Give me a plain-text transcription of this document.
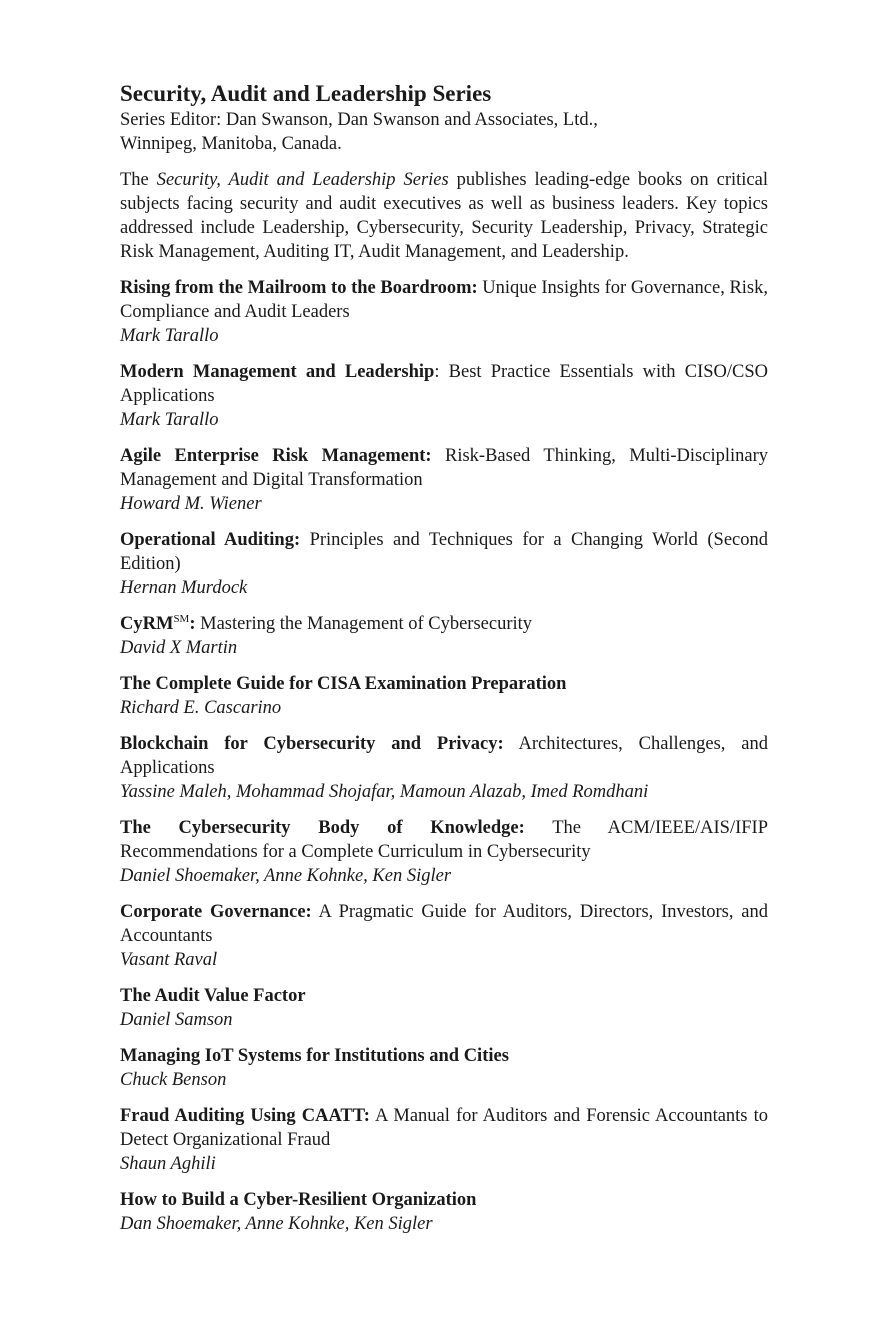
Security, Audit and Leadership Series
Series Editor: Dan Swanson, Dan Swanson and Associates, Ltd.,
Winnipeg, Manitoba, Canada.

The Security, Audit and Leadership Series publishes leading-edge books on critical subjects facing security and audit executives as well as business leaders. Key topics addressed include Leadership, Cybersecurity, Security Leadership, Privacy, Strategic Risk Management, Auditing IT, Audit Management, and Leadership.

Rising from the Mailroom to the Boardroom: Unique Insights for Governance, Risk, Compliance and Audit Leaders
Mark Tarallo
Modern Management and Leadership: Best Practice Essentials with CISO/CSO Applications
Mark Tarallo
Agile Enterprise Risk Management: Risk-Based Thinking, Multi-Disciplinary Management and Digital Transformation
Howard M. Wiener
Operational Auditing: Principles and Techniques for a Changing World (Second Edition)
Hernan Murdock
CyRM℠: Mastering the Management of Cybersecurity
David X Martin
The Complete Guide for CISA Examination Preparation
Richard E. Cascarino
Blockchain for Cybersecurity and Privacy: Architectures, Challenges, and Applications
Yassine Maleh, Mohammad Shojafar, Mamoun Alazab, Imed Romdhani
The Cybersecurity Body of Knowledge: The ACM/IEEE/AIS/IFIP Recommendations for a Complete Curriculum in Cybersecurity
Daniel Shoemaker, Anne Kohnke, Ken Sigler
Corporate Governance: A Pragmatic Guide for Auditors, Directors, Investors, and Accountants
Vasant Raval
The Audit Value Factor
Daniel Samson
Managing IoT Systems for Institutions and Cities
Chuck Benson
Fraud Auditing Using CAATT: A Manual for Auditors and Forensic Accountants to Detect Organizational Fraud
Shaun Aghili
How to Build a Cyber-Resilient Organization
Dan Shoemaker, Anne Kohnke, Ken Sigler
